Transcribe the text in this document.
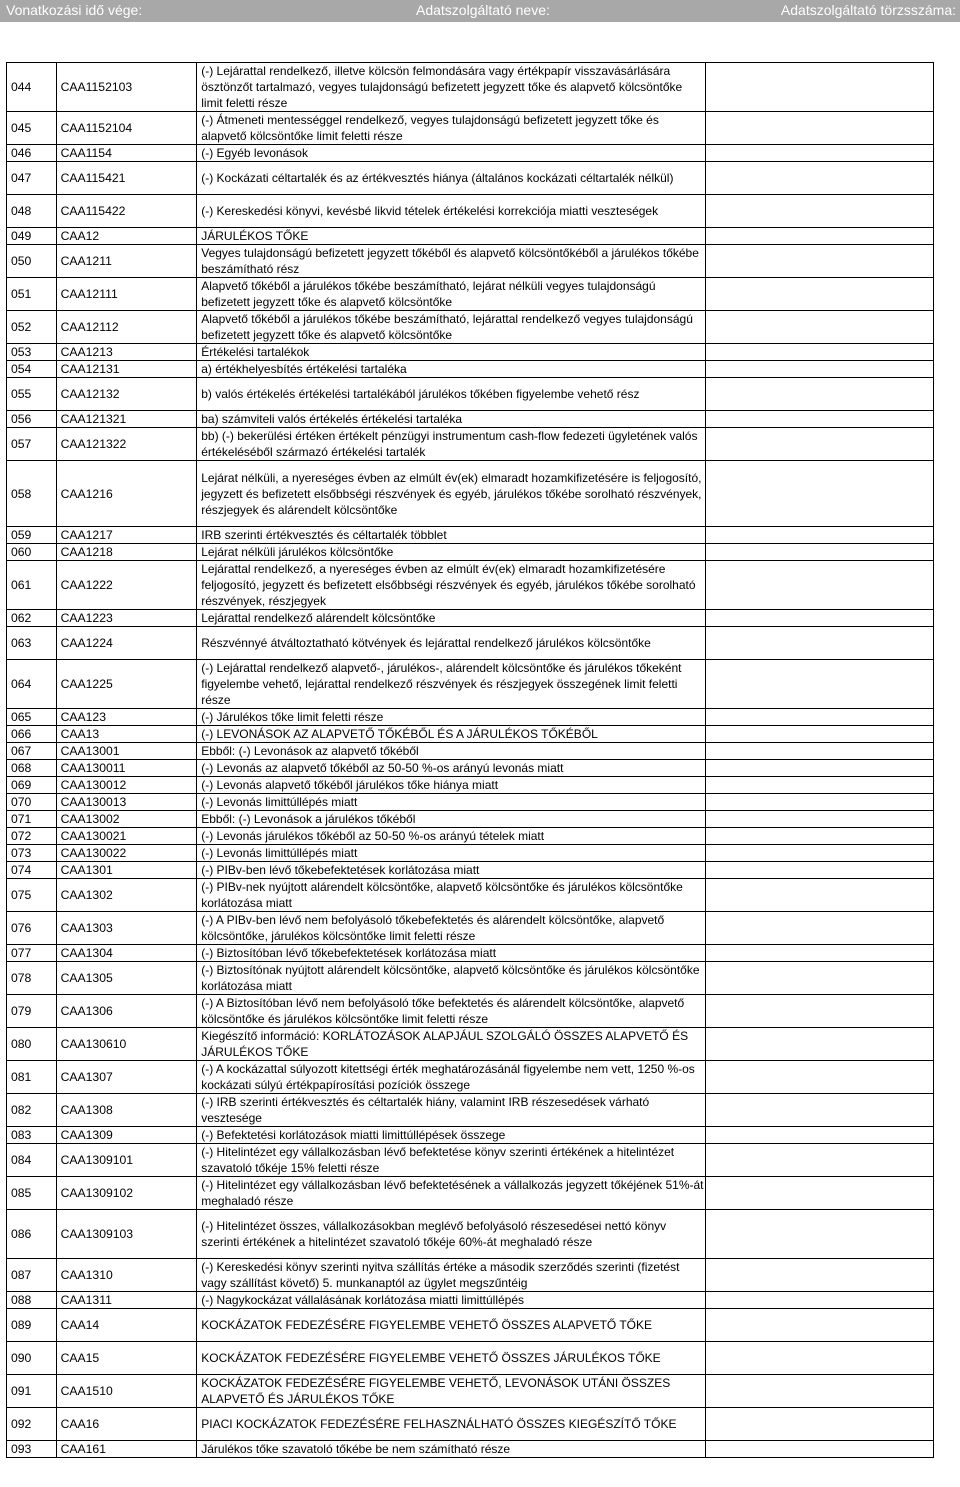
Vonatkozási idő vége:	Adatszolgáltató neve:	Adatszolgáltató törzsszáma:
044	CAA1152103	(-) Lejárattal rendelkező, illetve kölcsön felmondására vagy értékpapír visszavásárlására ösztönzőt tartalmazó, vegyes tulajdonságú befizetett jegyzett tőke és alapvető kölcsöntőke limit feletti része	
045	CAA1152104	(-) Átmeneti mentességgel rendelkező, vegyes tulajdonságú befizetett jegyzett tőke és alapvető kölcsöntőke limit feletti része	
046	CAA1154	(-) Egyéb levonások	
047	CAA115421	(-) Kockázati céltartalék és az értékvesztés hiánya (általános kockázati céltartalék nélkül)	
048	CAA115422	(-) Kereskedési könyvi, kevésbé likvid tételek értékelési korrekciója miatti veszteségek	
049	CAA12	JÁRULÉKOS TŐKE	
050	CAA1211	Vegyes tulajdonságú befizetett jegyzett tőkéből és alapvető kölcsöntőkéből a járulékos tőkébe beszámítható rész	
051	CAA12111	Alapvető tőkéből a járulékos tőkébe beszámítható, lejárat nélküli vegyes tulajdonságú befizetett jegyzett tőke és alapvető kölcsöntőke	
052	CAA12112	Alapvető tőkéből a járulékos tőkébe beszámítható, lejárattal rendelkező vegyes tulajdonságú befizetett jegyzett tőke és alapvető kölcsöntőke	
053	CAA1213	Értékelési tartalékok	
054	CAA12131	a) értékhelyesbítés értékelési tartaléka	
055	CAA12132	b) valós értékelés értékelési tartalékából járulékos tőkében figyelembe vehető rész	
056	CAA121321	ba) számviteli valós értékelés értékelési tartaléka	
057	CAA121322	bb) (-) bekerülési értéken értékelt pénzügyi instrumentum cash-flow fedezeti ügyletének valós értékeléséből származó értékelési tartalék	
058	CAA1216	Lejárat nélküli, a nyereséges évben az elmúlt év(ek) elmaradt hozamkifizetésére is feljogosító, jegyzett és befizetett elsőbbségi részvények és egyéb, járulékos tőkébe sorolható részvények, részjegyek és alárendelt kölcsöntőke	
059	CAA1217	IRB szerinti értékvesztés és céltartalék többlet	
060	CAA1218	Lejárat nélküli járulékos kölcsöntőke	
061	CAA1222	Lejárattal rendelkező, a nyereséges évben az elmúlt év(ek) elmaradt hozamkifizetésére feljogosító, jegyzett és befizetett elsőbbségi részvények és egyéb, járulékos tőkébe sorolható részvények, részjegyek	
062	CAA1223	Lejárattal rendelkező alárendelt kölcsöntőke	
063	CAA1224	Részvénnyé átváltoztatható kötvények és lejárattal rendelkező járulékos kölcsöntőke	
064	CAA1225	(-) Lejárattal rendelkező alapvető-, járulékos-, alárendelt kölcsöntőke és járulékos tőkeként figyelembe vehető, lejárattal rendelkező részvények és részjegyek összegének limit feletti része	
065	CAA123	(-) Járulékos tőke limit feletti része	
066	CAA13	(-) LEVONÁSOK AZ ALAPVETŐ TŐKÉBŐL ÉS A JÁRULÉKOS TŐKÉBŐL	
067	CAA13001	Ebből: (-) Levonások az alapvető tőkéből	
068	CAA130011	(-) Levonás az alapvető tőkéből az 50-50 %-os arányú levonás miatt	
069	CAA130012	(-) Levonás alapvető tőkéből járulékos tőke hiánya miatt	
070	CAA130013	(-) Levonás limittúllépés miatt	
071	CAA13002	Ebből: (-) Levonások a járulékos tőkéből	
072	CAA130021	(-) Levonás járulékos tőkéből az 50-50 %-os arányú tételek miatt	
073	CAA130022	(-) Levonás limittúllépés miatt	
074	CAA1301	(-) PIBv-ben lévő tőkebefektetések korlátozása miatt	
075	CAA1302	(-) PIBv-nek nyújtott alárendelt kölcsöntőke, alapvető kölcsöntőke és járulékos kölcsöntőke korlátozása miatt	
076	CAA1303	(-) A PIBv-ben lévő nem befolyásoló tőkebefektetés és alárendelt kölcsöntőke, alapvető kölcsöntőke, járulékos kölcsöntőke limit feletti része	
077	CAA1304	(-) Biztosítóban lévő tőkebefektetések korlátozása miatt	
078	CAA1305	(-) Biztosítónak nyújtott alárendelt kölcsöntőke, alapvető kölcsöntőke és járulékos kölcsöntőke korlátozása miatt	
079	CAA1306	(-) A Biztosítóban lévő nem befolyásoló tőke befektetés és alárendelt kölcsöntőke, alapvető kölcsöntőke és járulékos kölcsöntőke limit feletti része	
080	CAA130610	Kiegészítő információ: KORLÁTOZÁSOK ALAPJÁUL SZOLGÁLÓ ÖSSZES ALAPVETŐ ÉS JÁRULÉKOS TŐKE	
081	CAA1307	(-) A kockázattal súlyozott kitettségi érték meghatározásánál figyelembe nem vett, 1250 %-os kockázati súlyú értékpapírosítási pozíciók összege	
082	CAA1308	(-) IRB szerinti értékvesztés és céltartalék hiány, valamint IRB részesedések várható vesztesége	
083	CAA1309	(-) Befektetési korlátozások miatti limittúllépések összege	
084	CAA1309101	(-) Hitelintézet egy vállalkozásban lévő befektetése könyv szerinti értékének a hitelintézet szavatoló tőkéje 15% feletti része	
085	CAA1309102	(-) Hitelintézet egy vállalkozásban lévő befektetésének a vállalkozás jegyzett tőkéjének 51%-át meghaladó része	
086	CAA1309103	(-) Hitelintézet összes, vállalkozásokban meglévő befolyásoló részesedései nettó könyv szerinti értékének a hitelintézet szavatoló tőkéje 60%-át meghaladó része	
087	CAA1310	(-) Kereskedési könyv szerinti nyitva szállítás értéke a második szerződés szerinti (fizetést vagy szállítást követő) 5. munkanaptól az ügylet megszűntéig	
088	CAA1311	(-) Nagykockázat vállalásának korlátozása miatti limittúllépés	
089	CAA14	KOCKÁZATOK FEDEZÉSÉRE FIGYELEMBE VEHETŐ ÖSSZES ALAPVETŐ TŐKE	
090	CAA15	KOCKÁZATOK FEDEZÉSÉRE FIGYELEMBE VEHETŐ ÖSSZES JÁRULÉKOS TŐKE	
091	CAA1510	KOCKÁZATOK FEDEZÉSÉRE FIGYELEMBE VEHETŐ, LEVONÁSOK UTÁNI ÖSSZES ALAPVETŐ ÉS JÁRULÉKOS TŐKE	
092	CAA16	PIACI KOCKÁZATOK FEDEZÉSÉRE FELHASZNÁLHATÓ ÖSSZES KIEGÉSZÍTŐ TŐKE	
093	CAA161	Járulékos tőke szavatoló tőkébe be nem számítható része	
